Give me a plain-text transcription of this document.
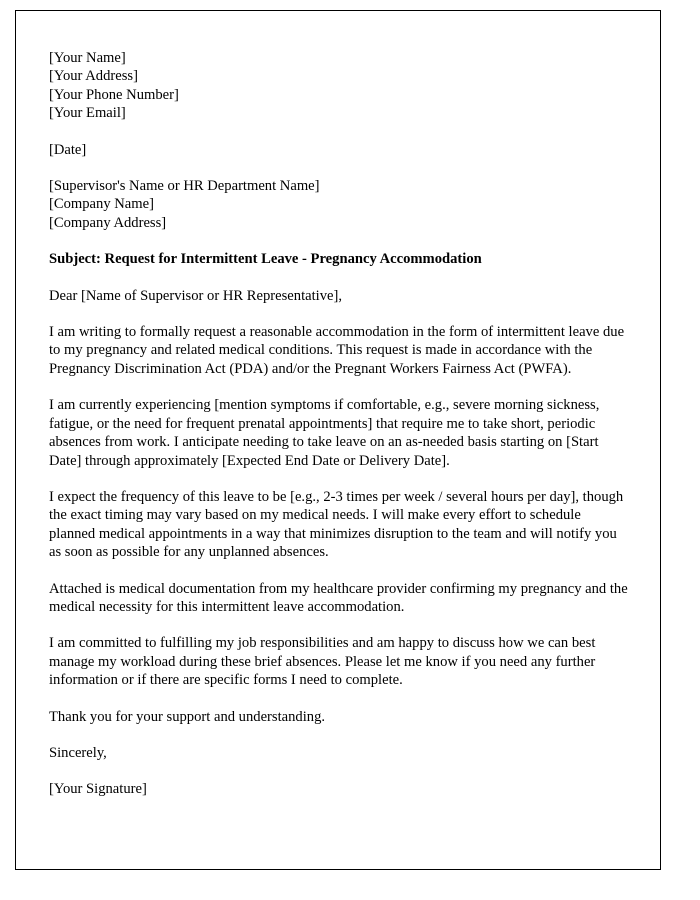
[Your Name]

[Your Address]

[Your Phone Number]

[Your Email]

[Date]

[Supervisor's Name or HR Department Name]

[Company Name]

[Company Address]

Subject: Request for Intermittent Leave - Pregnancy Accommodation

Dear [Name of Supervisor or HR Representative],

I am writing to formally request a reasonable accommodation in the form of intermittent leave due to my pregnancy and related medical conditions. This request is made in accordance with the Pregnancy Discrimination Act (PDA) and/or the Pregnant Workers Fairness Act (PWFA).

I am currently experiencing [mention symptoms if comfortable, e.g., severe morning sickness, fatigue, or the need for frequent prenatal appointments] that require me to take short, periodic absences from work. I anticipate needing to take leave on an as-needed basis starting on [Start Date] through approximately [Expected End Date or Delivery Date].

I expect the frequency of this leave to be [e.g., 2-3 times per week / several hours per day], though the exact timing may vary based on my medical needs. I will make every effort to schedule planned medical appointments in a way that minimizes disruption to the team and will notify you as soon as possible for any unplanned absences.

Attached is medical documentation from my healthcare provider confirming my pregnancy and the medical necessity for this intermittent leave accommodation.

I am committed to fulfilling my job responsibilities and am happy to discuss how we can best manage my workload during these brief absences. Please let me know if you need any further information or if there are specific forms I need to complete.

Thank you for your support and understanding.

Sincerely,

[Your Signature]
